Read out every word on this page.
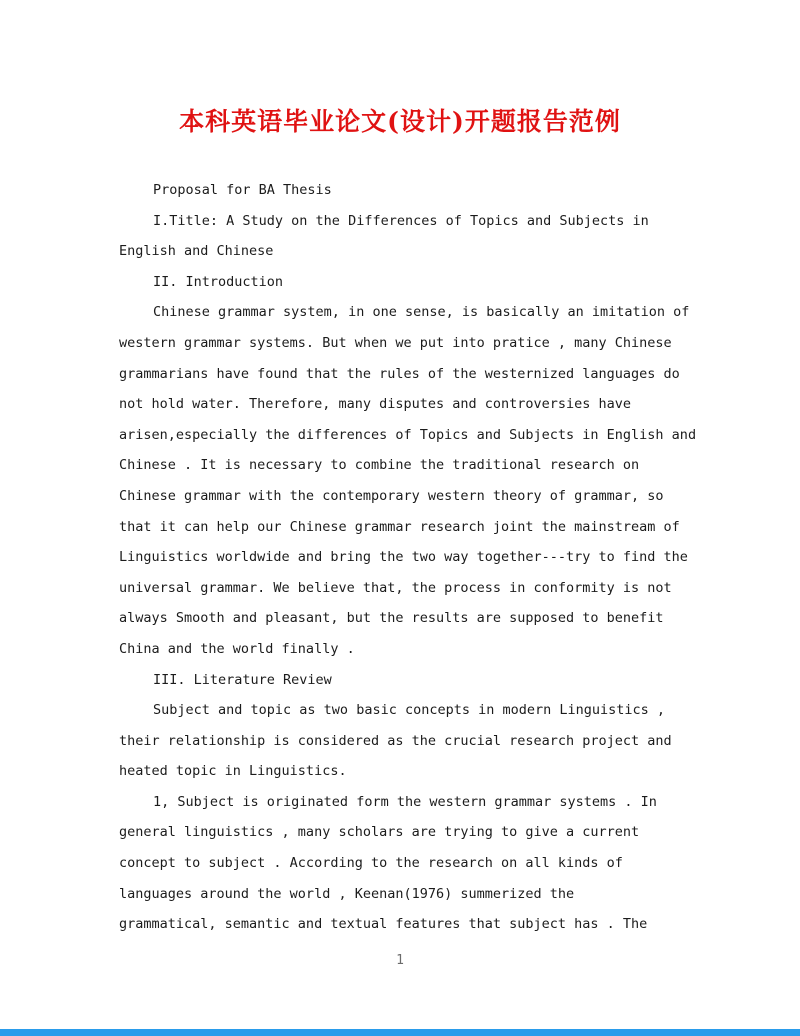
本科英语毕业论文(设计)开题报告范例
Proposal for BA Thesis
I.Title: A Study on the Differences of Topics and Subjects in
English and Chinese
II. Introduction
Chinese grammar system, in one sense, is basically an imitation of
western grammar systems. But when we put into pratice , many Chinese
grammarians have found that the rules of the westernized languages do
not hold water. Therefore, many disputes and controversies have
arisen,especially the differences of Topics and Subjects in English and
Chinese . It is necessary to combine the traditional research on
Chinese grammar with the contemporary western theory of grammar, so
that it can help our Chinese grammar research joint the mainstream of
Linguistics worldwide and bring the two way together---try to find the
universal grammar. We believe that, the process in conformity is not
always Smooth and pleasant, but the results are supposed to benefit
China and the world finally .
III. Literature Review
Subject and topic as two basic concepts in modern Linguistics ,
their relationship is considered as the crucial research project and
heated topic in Linguistics.
1, Subject is originated form the western grammar systems . In
general linguistics , many scholars are trying to give a current
concept to subject . According to the research on all kinds of
languages around the world , Keenan(1976) summerized the
grammatical, semantic and textual features that subject has . The
1
